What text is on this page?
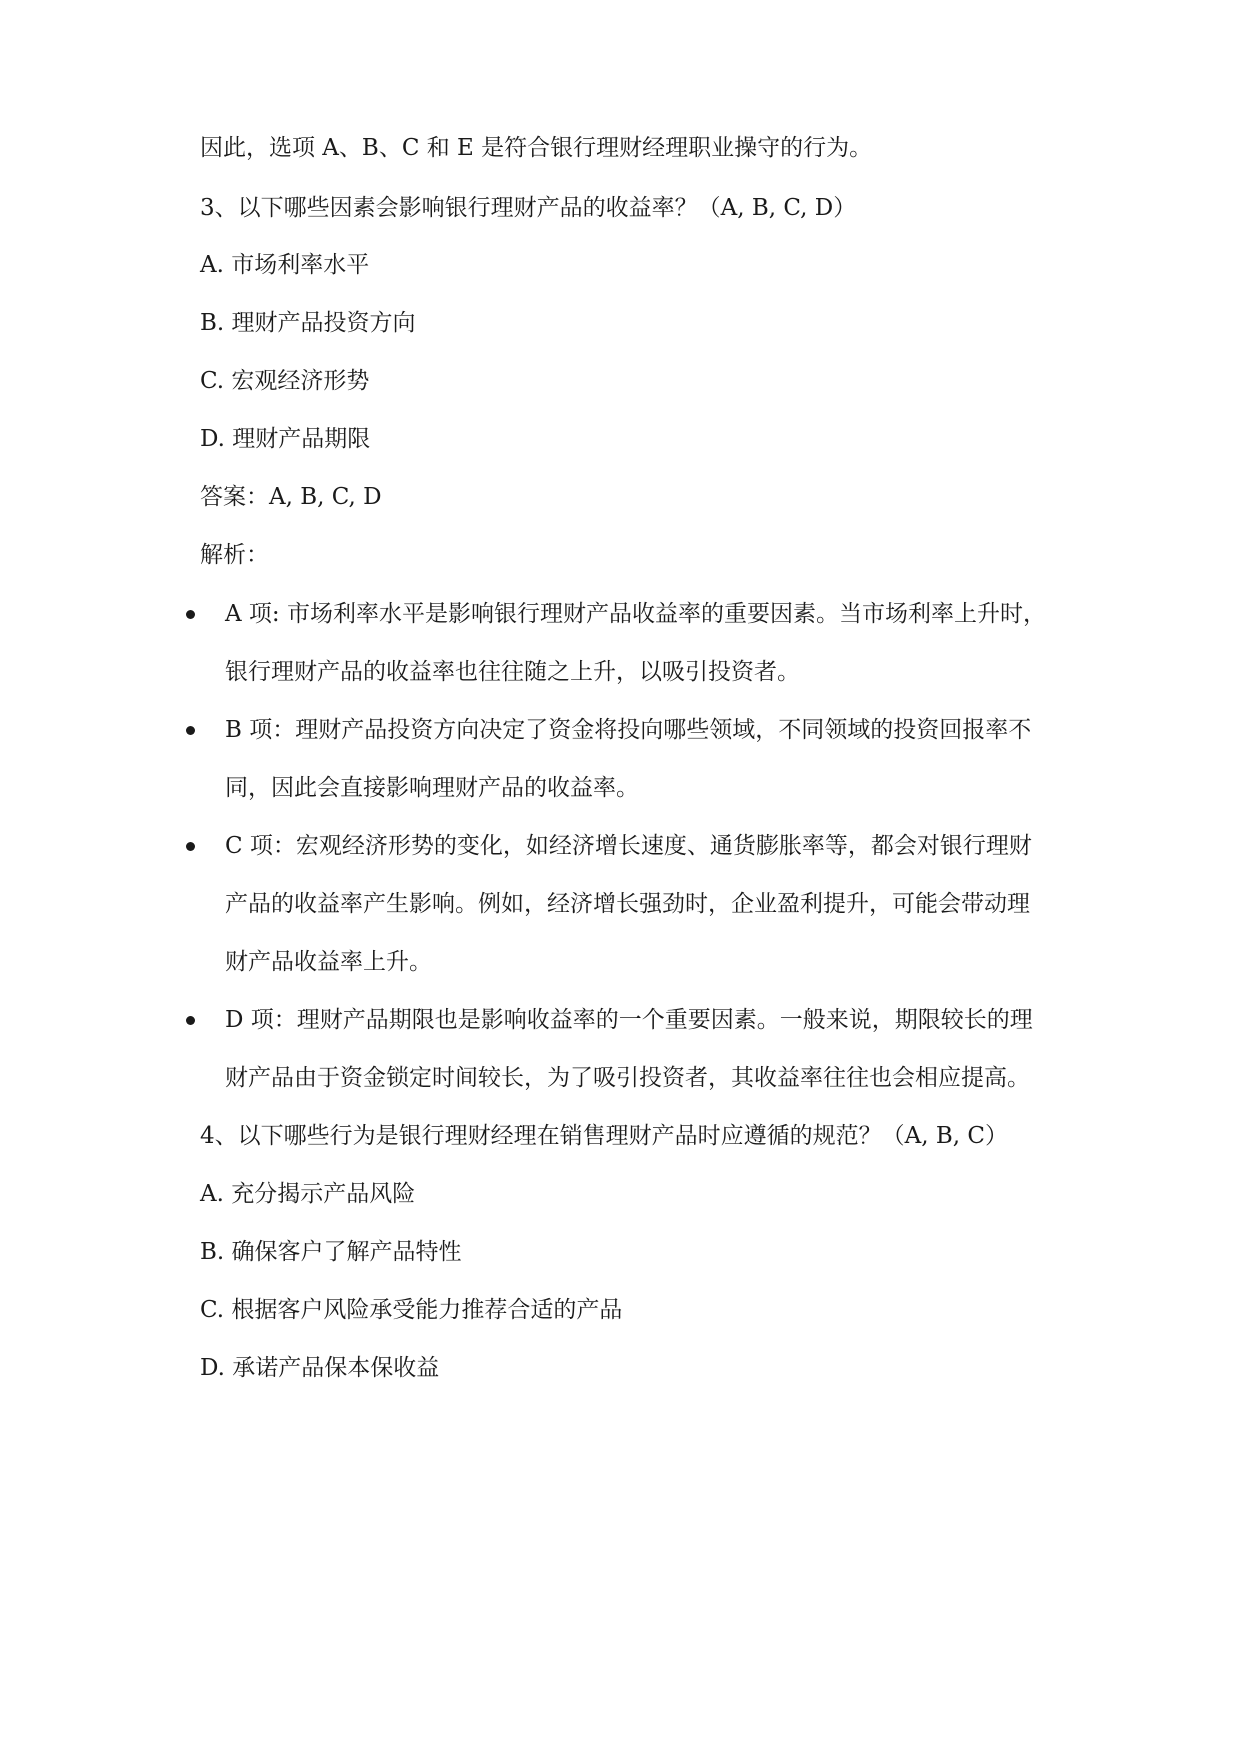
因此，选项 A、B、C 和 E 是符合银行理财经理职业操守的行为。
3、以下哪些因素会影响银行理财产品的收益率？（A, B, C, D）
A. 市场利率水平
B. 理财产品投资方向
C. 宏观经济形势
D. 理财产品期限
答案：A, B, C, D
解析：
A 项: 市场利率水平是影响银行理财产品收益率的重要因素。当市场利率上升时，
银行理财产品的收益率也往往随之上升，以吸引投资者。
B 项：理财产品投资方向决定了资金将投向哪些领域，不同领域的投资回报率不
同，因此会直接影响理财产品的收益率。
C 项：宏观经济形势的变化，如经济增长速度、通货膨胀率等，都会对银行理财
产品的收益率产生影响。例如，经济增长强劲时，企业盈利提升，可能会带动理
财产品收益率上升。
D 项：理财产品期限也是影响收益率的一个重要因素。一般来说，期限较长的理
财产品由于资金锁定时间较长，为了吸引投资者，其收益率往往也会相应提高。
4、以下哪些行为是银行理财经理在销售理财产品时应遵循的规范？（A, B, C）
A. 充分揭示产品风险
B. 确保客户了解产品特性
C. 根据客户风险承受能力推荐合适的产品
D. 承诺产品保本保收益
